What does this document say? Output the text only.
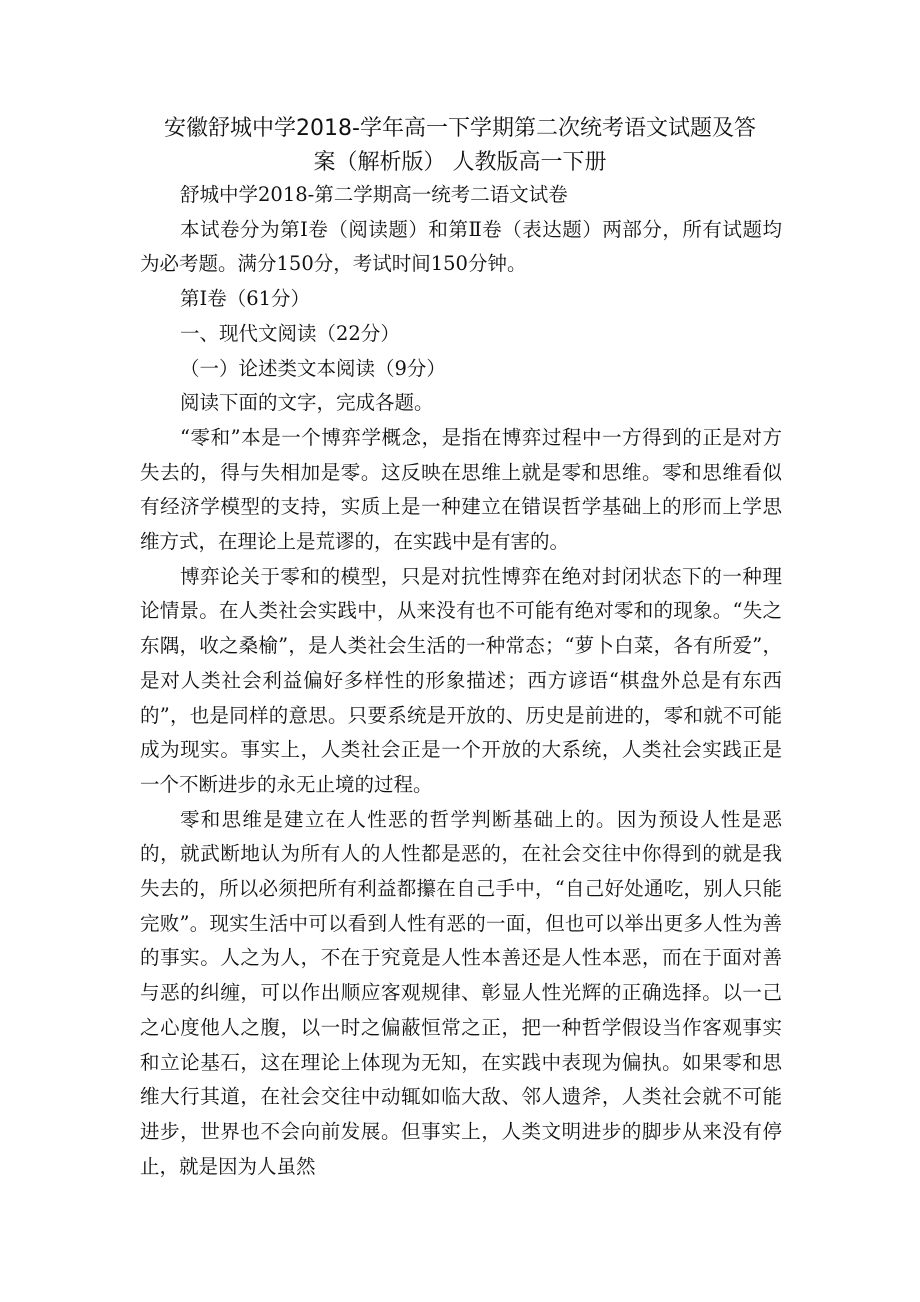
安徽舒城中学2018-学年高一下学期第二次统考语文试题及答
案（解析版） 人教版高一下册

舒城中学2018-第二学期高一统考二语文试卷

本试卷分为第Ⅰ卷（阅读题）和第Ⅱ卷（表达题）两部分，所有试题均为必考题。满分150分，考试时间150分钟。

第Ⅰ卷（61分）

一、现代文阅读（22分）

（一）论述类文本阅读（9分）

阅读下面的文字，完成各题。

“零和”本是一个博弈学概念，是指在博弈过程中一方得到的正是对方失去的，得与失相加是零。这反映在思维上就是零和思维。零和思维看似有经济学模型的支持，实质上是一种建立在错误哲学基础上的形而上学思维方式，在理论上是荒谬的，在实践中是有害的。

博弈论关于零和的模型，只是对抗性博弈在绝对封闭状态下的一种理论情景。在人类社会实践中，从来没有也不可能有绝对零和的现象。“失之东隅，收之桑榆”，是人类社会生活的一种常态；“萝卜白菜，各有所爱”，是对人类社会利益偏好多样性的形象描述；西方谚语“棋盘外总是有东西的”，也是同样的意思。只要系统是开放的、历史是前进的，零和就不可能成为现实。事实上，人类社会正是一个开放的大系统，人类社会实践正是一个不断进步的永无止境的过程。

零和思维是建立在人性恶的哲学判断基础上的。因为预设人性是恶的，就武断地认为所有人的人性都是恶的，在社会交往中你得到的就是我失去的，所以必须把所有利益都攥在自己手中，“自己好处通吃，别人只能完败”。现实生活中可以看到人性有恶的一面，但也可以举出更多人性为善的事实。人之为人，不在于究竟是人性本善还是人性本恶，而在于面对善与恶的纠缠，可以作出顺应客观规律、彰显人性光辉的正确选择。以一己之心度他人之腹，以一时之偏蔽恒常之正，把一种哲学假设当作客观事实和立论基石，这在理论上体现为无知，在实践中表现为偏执。如果零和思维大行其道，在社会交往中动辄如临大敌、邻人遗斧，人类社会就不可能进步，世界也不会向前发展。但事实上，人类文明进步的脚步从来没有停止，就是因为人虽然
